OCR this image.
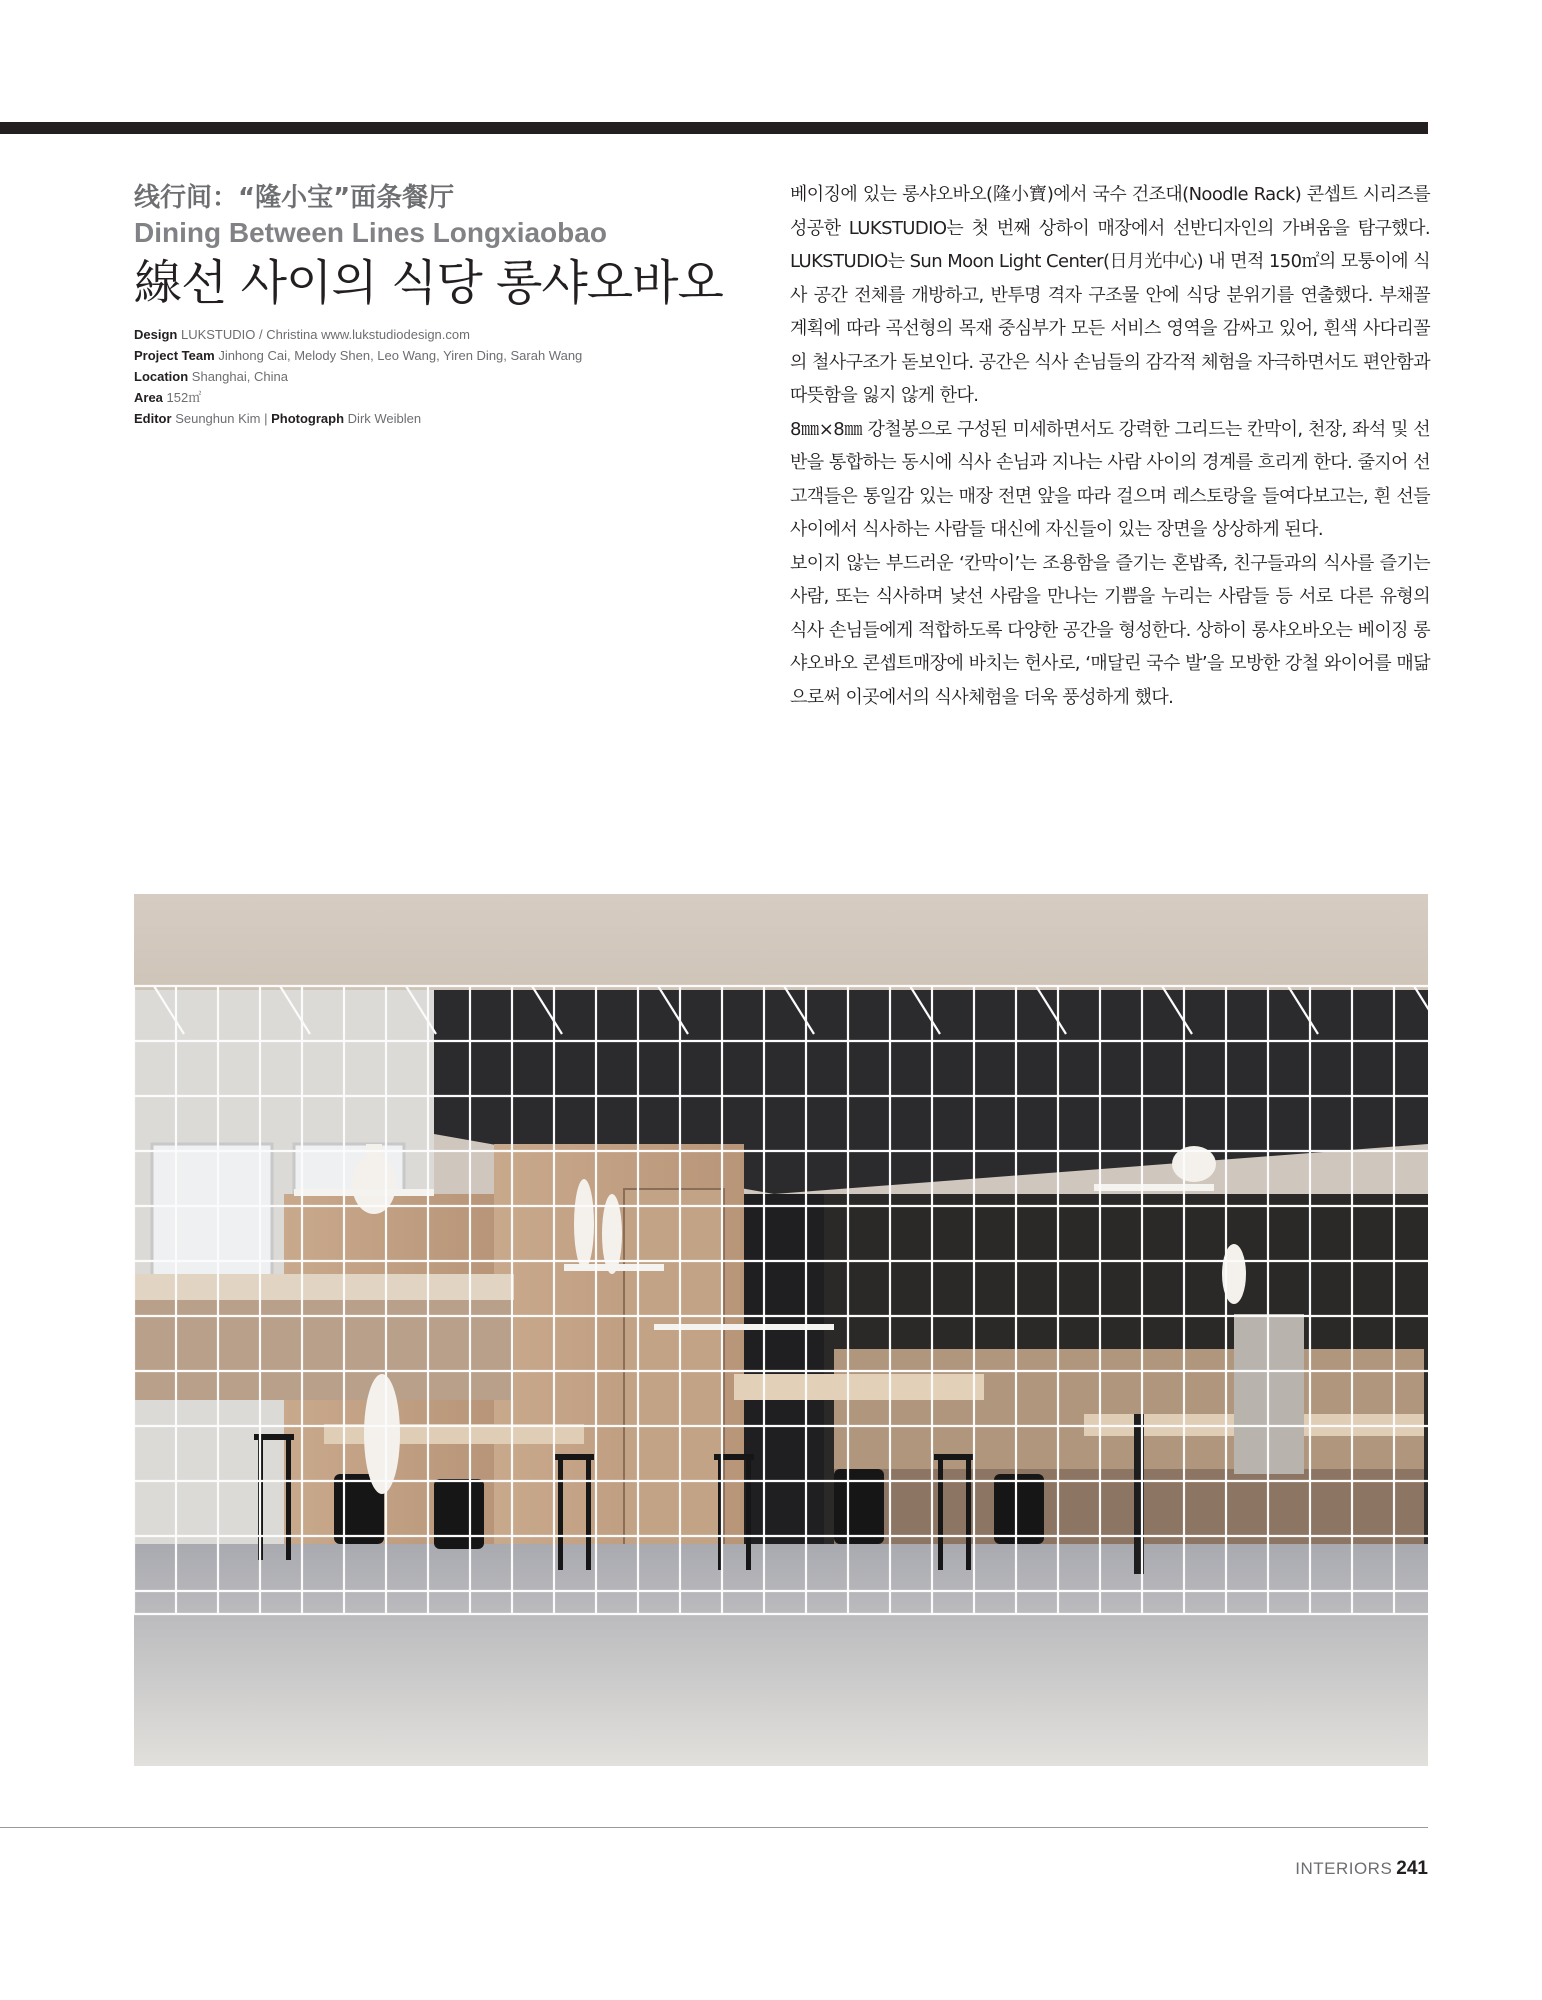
线行间：“隆小宝”面条餐厅
Dining Between Lines Longxiaobao
線선 사이의 식당 롱샤오바오
Design LUKSTUDIO / Christina www.lukstudiodesign.com
Project Team Jinhong Cai, Melody Shen, Leo Wang, Yiren Ding, Sarah Wang
Location Shanghai, China
Area 152㎡
Editor Seunghun Kim | Photograph Dirk Weiblen

베이징에 있는 롱샤오바오(隆小寶)에서 국수 건조대(Noodle Rack) 콘셉트 시리즈를 성공한 LUKSTUDIO는 첫 번째 상하이 매장에서 선반디자인의 가벼움을 탐구했다. LUKSTUDIO는 Sun Moon Light Center(日月光中心) 내 면적 150㎡의 모퉁이에 식사 공간 전체를 개방하고, 반투명 격자 구조물 안에 식당 분위기를 연출했다. 부채꼴 계획에 따라 곡선형의 목재 중심부가 모든 서비스 영역을 감싸고 있어, 흰색 사다리꼴의 철사구조가 돋보인다. 공간은 식사 손님들의 감각적 체험을 자극하면서도 편안함과 따뜻함을 잃지 않게 한다.

8㎜×8㎜ 강철봉으로 구성된 미세하면서도 강력한 그리드는 칸막이, 천장, 좌석 및 선반을 통합하는 동시에 식사 손님과 지나는 사람 사이의 경계를 흐리게 한다. 줄지어 선 고객들은 통일감 있는 매장 전면 앞을 따라 걸으며 레스토랑을 들여다보고는, 흰 선들 사이에서 식사하는 사람들 대신에 자신들이 있는 장면을 상상하게 된다.

보이지 않는 부드러운 ‘칸막이’는 조용함을 즐기는 혼밥족, 친구들과의 식사를 즐기는 사람, 또는 식사하며 낯선 사람을 만나는 기쁨을 누리는 사람들 등 서로 다른 유형의 식사 손님들에게 적합하도록 다양한 공간을 형성한다. 상하이 롱샤오바오는 베이징 롱샤오바오 콘셉트매장에 바치는 헌사로, ‘매달린 국수 발’을 모방한 강철 와이어를 매닮으로써 이곳에서의 식사체험을 더욱 풍성하게 했다.

INTERIORS 241
